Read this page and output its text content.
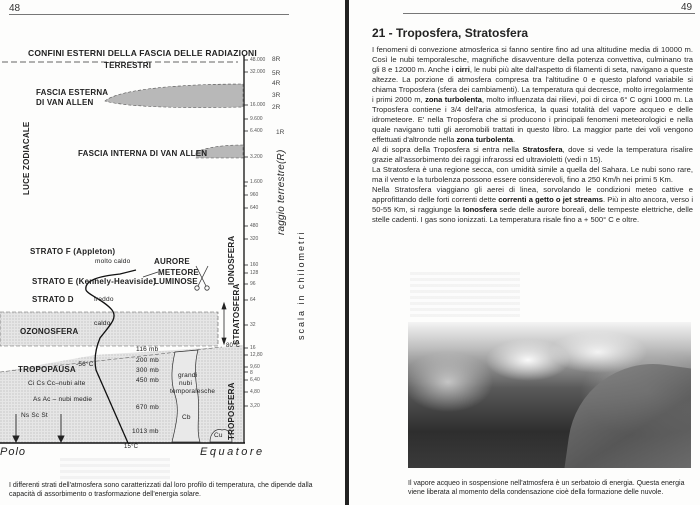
48
CONFINI ESTERNI DELLA FASCIA DELLE RADIAZIONI
TERRESTRI
LUCE ZODIACALE
FASCIA ESTERNA
DI VAN ALLEN
FASCIA INTERNA DI VAN ALLEN
STRATO F (Appleton)
molto caldo	AURORE
STRATO E (Kennely-Heaviside)
METEORE
LUMINOSE
STRATO D	freddo
OZONOSFERA
caldo
TROPOPAUSA
-56°C
Ci Cs Cc–nubi alte
As Ac – nubi medie
Ns Sc St
15°C
80°C
116 mb
200 mb
300 mb
450 mb
670 mb
1013 mb
grandi
nubi
temporalesche
Cb
Cu
IONOSFERA
STRATOSFERA
TROPOSFERA
Polo	Equatore
48.000
32.000
16.000
9.600
6.400
3.200
1.600
960
640
480
320
160
128
96
64
32
16
12,80
9,60
8
6,40
4,80
3,20
8R
5R
4R
3R
2R
1R
raggio terrestre(R)
scala in chilometri
I differenti strati dell'atmosfera sono caratterizzati dal loro profilo di temperatura, che dipende dalla capacità di assorbimento o trasformazione dell'energia solare.
49
21 - Troposfera, Stratosfera

I fenomeni di convezione atmosferica si fanno sentire fino ad una altitudine media di 10000 m. Così le nubi temporalesche, magnifiche disavventure della potenza convettiva, culminano tra gli 8 e 12000 m. Anche i cirri, le nubi più alte dall'aspetto di filamenti di seta, navigano a queste altezze. La porzione di atmosfera compresa tra l'altitudine 0 e questo plafond variabile si chiama Troposfera (sfera dei cambiamenti). La temperatura qui decresce, molto irregolarmente i primi 2000 m, zona turbolenta, molto influenzata dai rilievi, poi di circa 6° C ogni 1000 m. La Troposfera contiene i 3/4 dell'aria atmosferica, la quasi totalità del vapore acqueo e delle idrometeore. E' nella Troposfera che si producono i principali fenomeni meteorologici e nella quale navigano tutti gli aeromobili trattati in questo libro. La maggior parte dei voli vengono effettuati d'altronde nella zona turbolenta.

Al di sopra della Troposfera si entra nella Stratosfera, dove si vede la temperatura risalire grazie all'assorbimento dei raggi infrarossi ed ultravioletti (vedi n 15).

La Stratosfera è una regione secca, con umidità simile a quella del Sahara. Le nubi sono rare, ma il vento e la turbolenza possono essere considerevoli, fino a 250 Km/h nei primi 5 Km.

Nella Stratosfera viaggiano gli aerei di linea, sorvolando le condizioni meteo cattive e approfittando delle forti correnti dette correnti a getto o jet streams. Più in alto ancora, verso i 50-55 Km, si raggiunge la Ionosfera sede delle aurore boreali, delle tempeste elettriche, delle stelle cadenti. I gas sono ionizzati. La temperatura risale fino a + 500° C e oltre.

Il vapore acqueo in sospensione nell'atmosfera è un serbatoio di energia. Questa energia viene liberata al momento della condensazione cioè della formazione delle nuvole.
